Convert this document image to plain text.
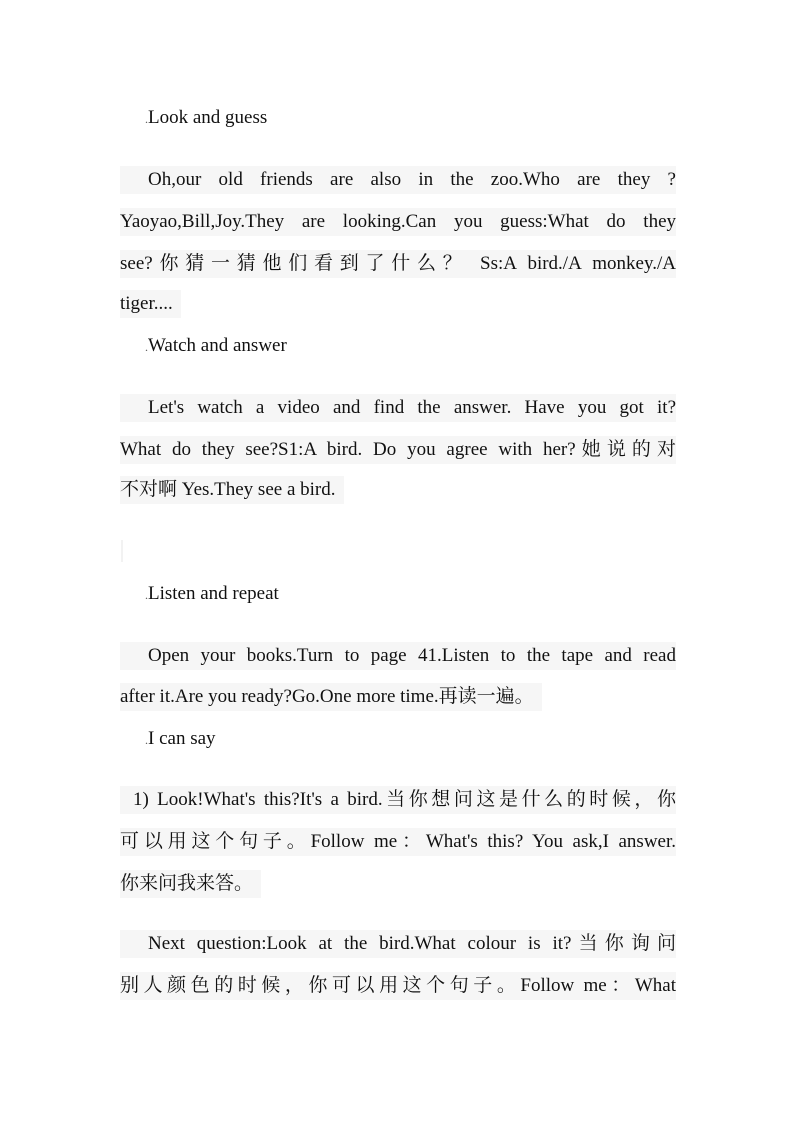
.Look and guess
Oh,our old friends are also in the zoo.Who are they ?
Yaoyao,Bill,Joy.They are looking.Can you guess:What do they
see?你猜一猜他们看到了什么？ Ss:A bird./A monkey./A
tiger....
.Watch and answer
Let's watch a video and find the answer. Have you got it?
What do they see?S1:A bird. Do you agree with her?她说的对
不对啊 Yes.They see a bird.
.Listen and repeat
Open your books.Turn to page 41.Listen to the tape and read
after it.Are you ready?Go.One more time.再读一遍。
.I can say
1) Look!What's this?It's a bird.当你想问这是什么的时候，你
可以用这个句子。Follow me：What's this? You ask,I answer.
你来问我来答。
Next question:Look at the bird.What colour is it?当你询问
别人颜色的时候，你可以用这个句子。Follow me：What
